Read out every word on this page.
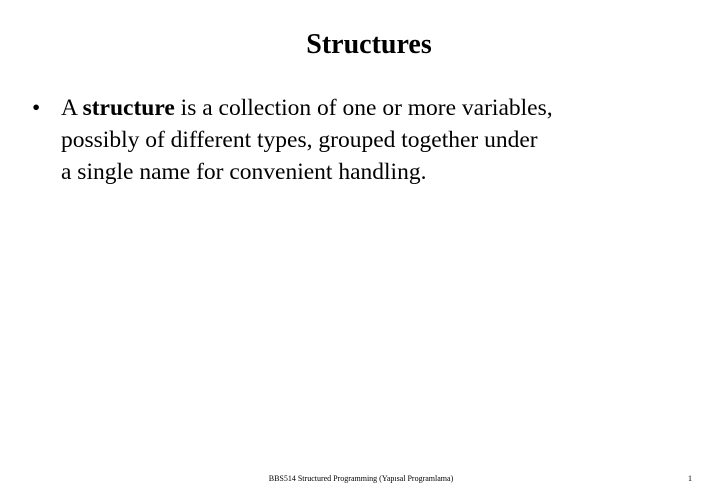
Structures
• A structure is a collection of one or more variables,
possibly of different types, grouped together under
a single name for convenient handling.
BBS514 Structured Programming (Yapısal Programlama)	1
